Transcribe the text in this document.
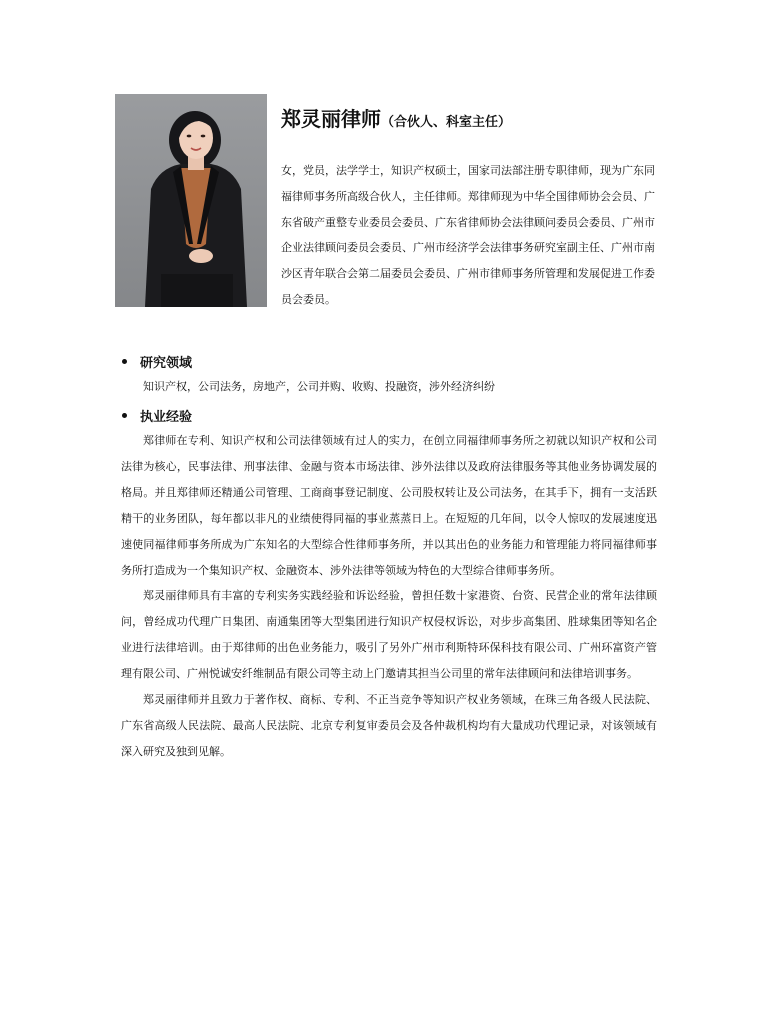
郑灵丽律师（合伙人、科室主任）

女，党员，法学学士，知识产权硕士，国家司法部注册专职律师，现为广东同福律师事务所高级合伙人，主任律师。郑律师现为中华全国律师协会会员、广东省破产重整专业委员会委员、广东省律师协会法律顾问委员会委员、广州市企业法律顾问委员会委员、广州市经济学会法律事务研究室副主任、广州市南沙区青年联合会第二届委员会委员、广州市律师事务所管理和发展促进工作委员会委员。

研究领域

知识产权，公司法务，房地产，公司并购、收购、投融资，涉外经济纠纷

执业经验

郑律师在专利、知识产权和公司法律领域有过人的实力，在创立同福律师事务所之初就以知识产权和公司法律为核心，民事法律、刑事法律、金融与资本市场法律、涉外法律以及政府法律服务等其他业务协调发展的格局。并且郑律师还精通公司管理、工商商事登记制度、公司股权转让及公司法务，在其手下，拥有一支活跃精干的业务团队，每年都以非凡的业绩使得同福的事业蒸蒸日上。在短短的几年间，以令人惊叹的发展速度迅速使同福律师事务所成为广东知名的大型综合性律师事务所，并以其出色的业务能力和管理能力将同福律师事务所打造成为一个集知识产权、金融资本、涉外法律等领域为特色的大型综合律师事务所。

郑灵丽律师具有丰富的专利实务实践经验和诉讼经验，曾担任数十家港资、台资、民营企业的常年法律顾问，曾经成功代理广日集团、南通集团等大型集团进行知识产权侵权诉讼，对步步高集团、胜球集团等知名企业进行法律培训。由于郑律师的出色业务能力，吸引了另外广州市利斯特环保科技有限公司、广州环富资产管理有限公司、广州悦诚安纤维制品有限公司等主动上门邀请其担当公司里的常年法律顾问和法律培训事务。

郑灵丽律师并且致力于著作权、商标、专利、不正当竞争等知识产权业务领域，在珠三角各级人民法院、广东省高级人民法院、最高人民法院、北京专利复审委员会及各仲裁机构均有大量成功代理记录，对该领域有深入研究及独到见解。
